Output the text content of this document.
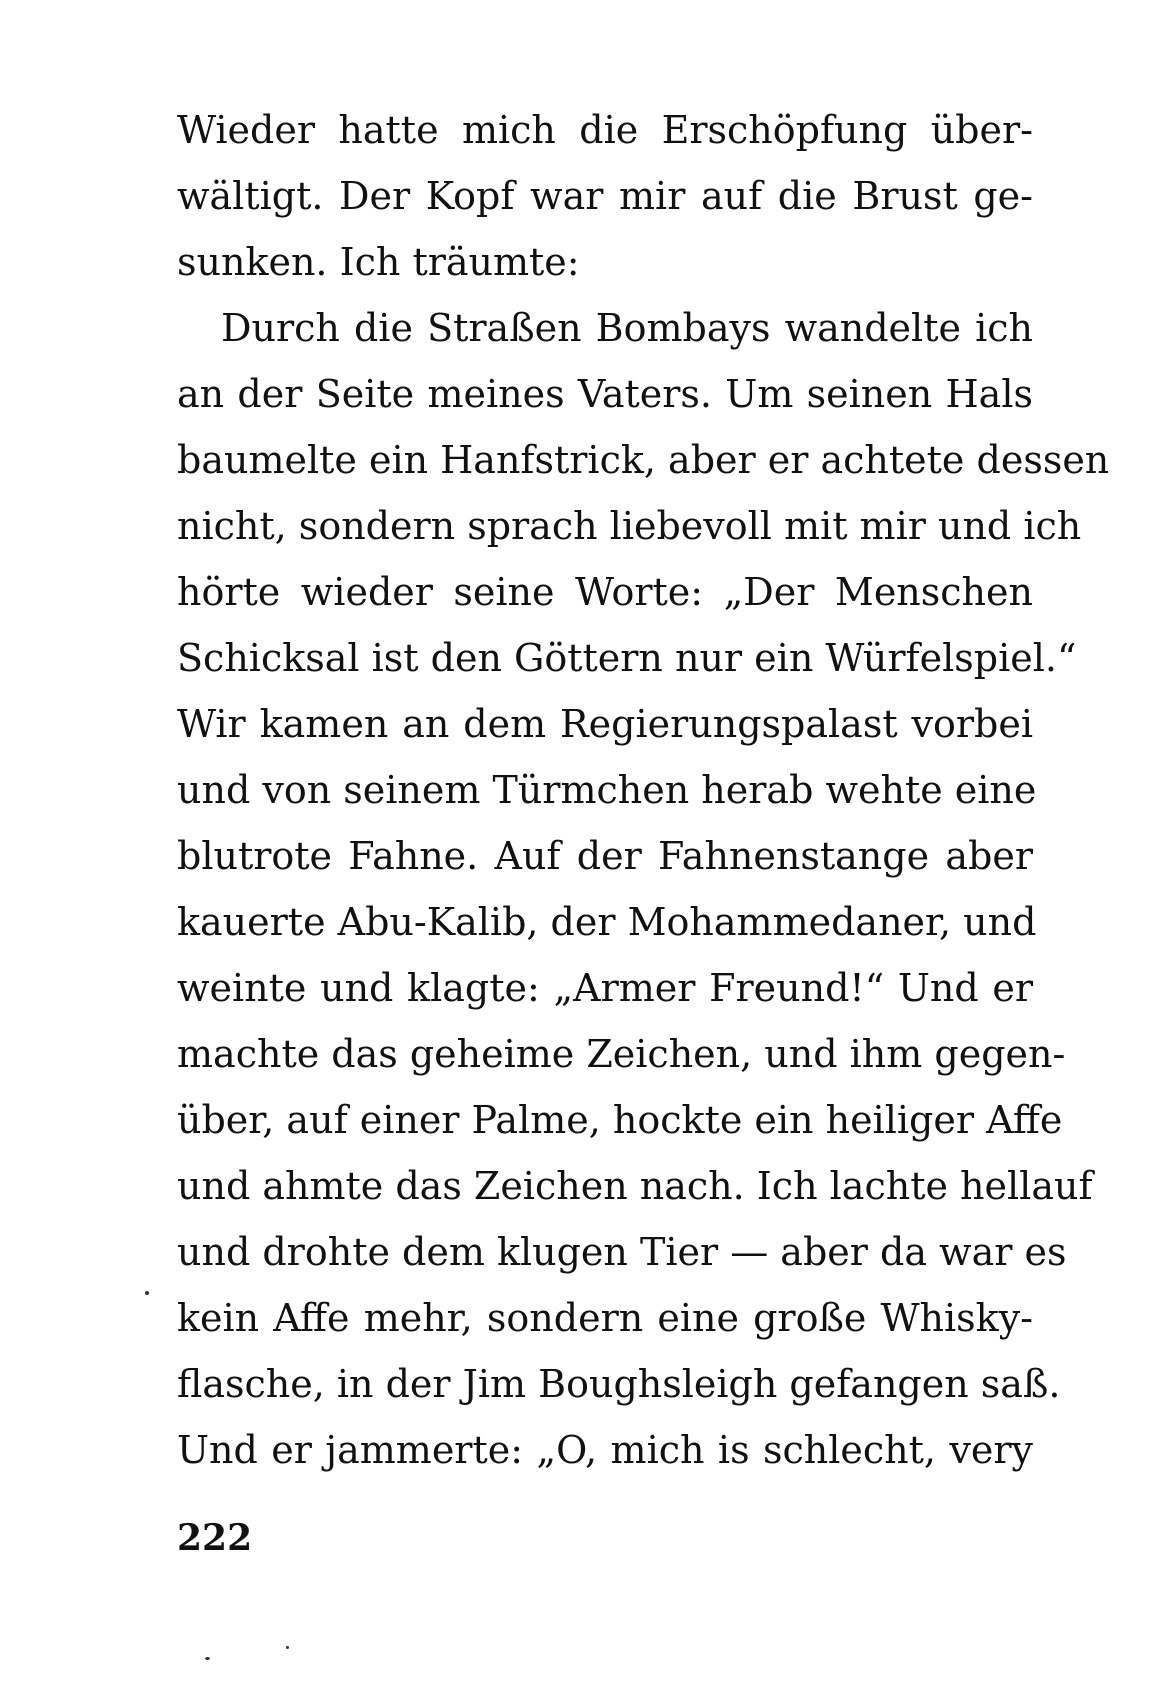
Wieder hatte mich die Erschöpfung über-
wältigt. Der Kopf war mir auf die Brust ge-
sunken. Ich träumte:
Durch die Straßen Bombays wandelte ich
an der Seite meines Vaters. Um seinen Hals
baumelte ein Hanfstrick, aber er achtete dessen
nicht, sondern sprach liebevoll mit mir und ich
hörte wieder seine Worte: „Der Menschen
Schicksal ist den Göttern nur ein Würfelspiel.“
Wir kamen an dem Regierungspalast vorbei
und von seinem Türmchen herab wehte eine
blutrote Fahne. Auf der Fahnenstange aber
kauerte Abu-Kalib, der Mohammedaner, und
weinte und klagte: „Armer Freund!“ Und er
machte das geheime Zeichen, und ihm gegen-
über, auf einer Palme, hockte ein heiliger Affe
und ahmte das Zeichen nach. Ich lachte hellauf
und drohte dem klugen Tier — aber da war es
kein Affe mehr, sondern eine große Whisky-
flasche, in der Jim Boughsleigh gefangen saß.
Und er jammerte: „O, mich is schlecht, very
222
